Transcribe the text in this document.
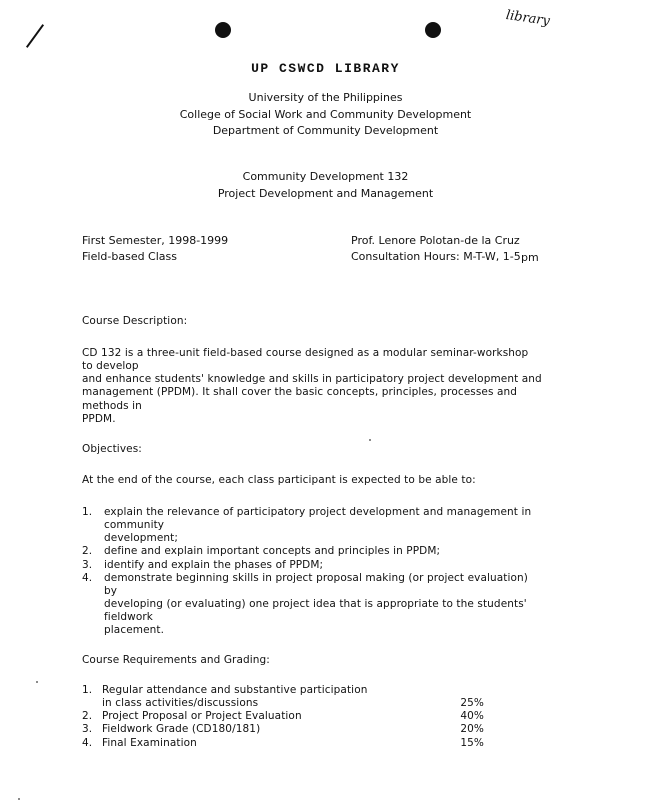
library
UP CSWCD LIBRARY
University of the Philippines
College of Social Work and Community Development
Department of Community Development
Community Development 132
Project Development and Management
First Semester, 1998-1999
Field-based Class
Prof. Lenore Polotan-de la Cruz
Consultation Hours: M-T-W, 1-5 pm
Course Description:
CD 132 is a three-unit field-based course designed as a modular seminar-workshop to develop
and enhance students' knowledge and skills in participatory project development and
management (PPDM). It shall cover the basic concepts, principles, processes and methods in
PPDM.
Objectives:
At the end of the course, each class participant is expected to be able to:
1.	explain the relevance of participatory project development and management in community
development;
2.	define and explain important concepts and principles in PPDM;
3.	identify and explain the phases of PPDM;
4.	demonstrate beginning skills in project proposal making (or project evaluation) by
developing (or evaluating) one project idea that is appropriate to the students' fieldwork
placement.
Course Requirements and Grading:
1. Regular attendance and substantive participation
in class activities/discussions	25%
2. Project Proposal or Project Evaluation	40%
3. Fieldwork Grade (CD180/181)	20%
4. Final Examination	15%
